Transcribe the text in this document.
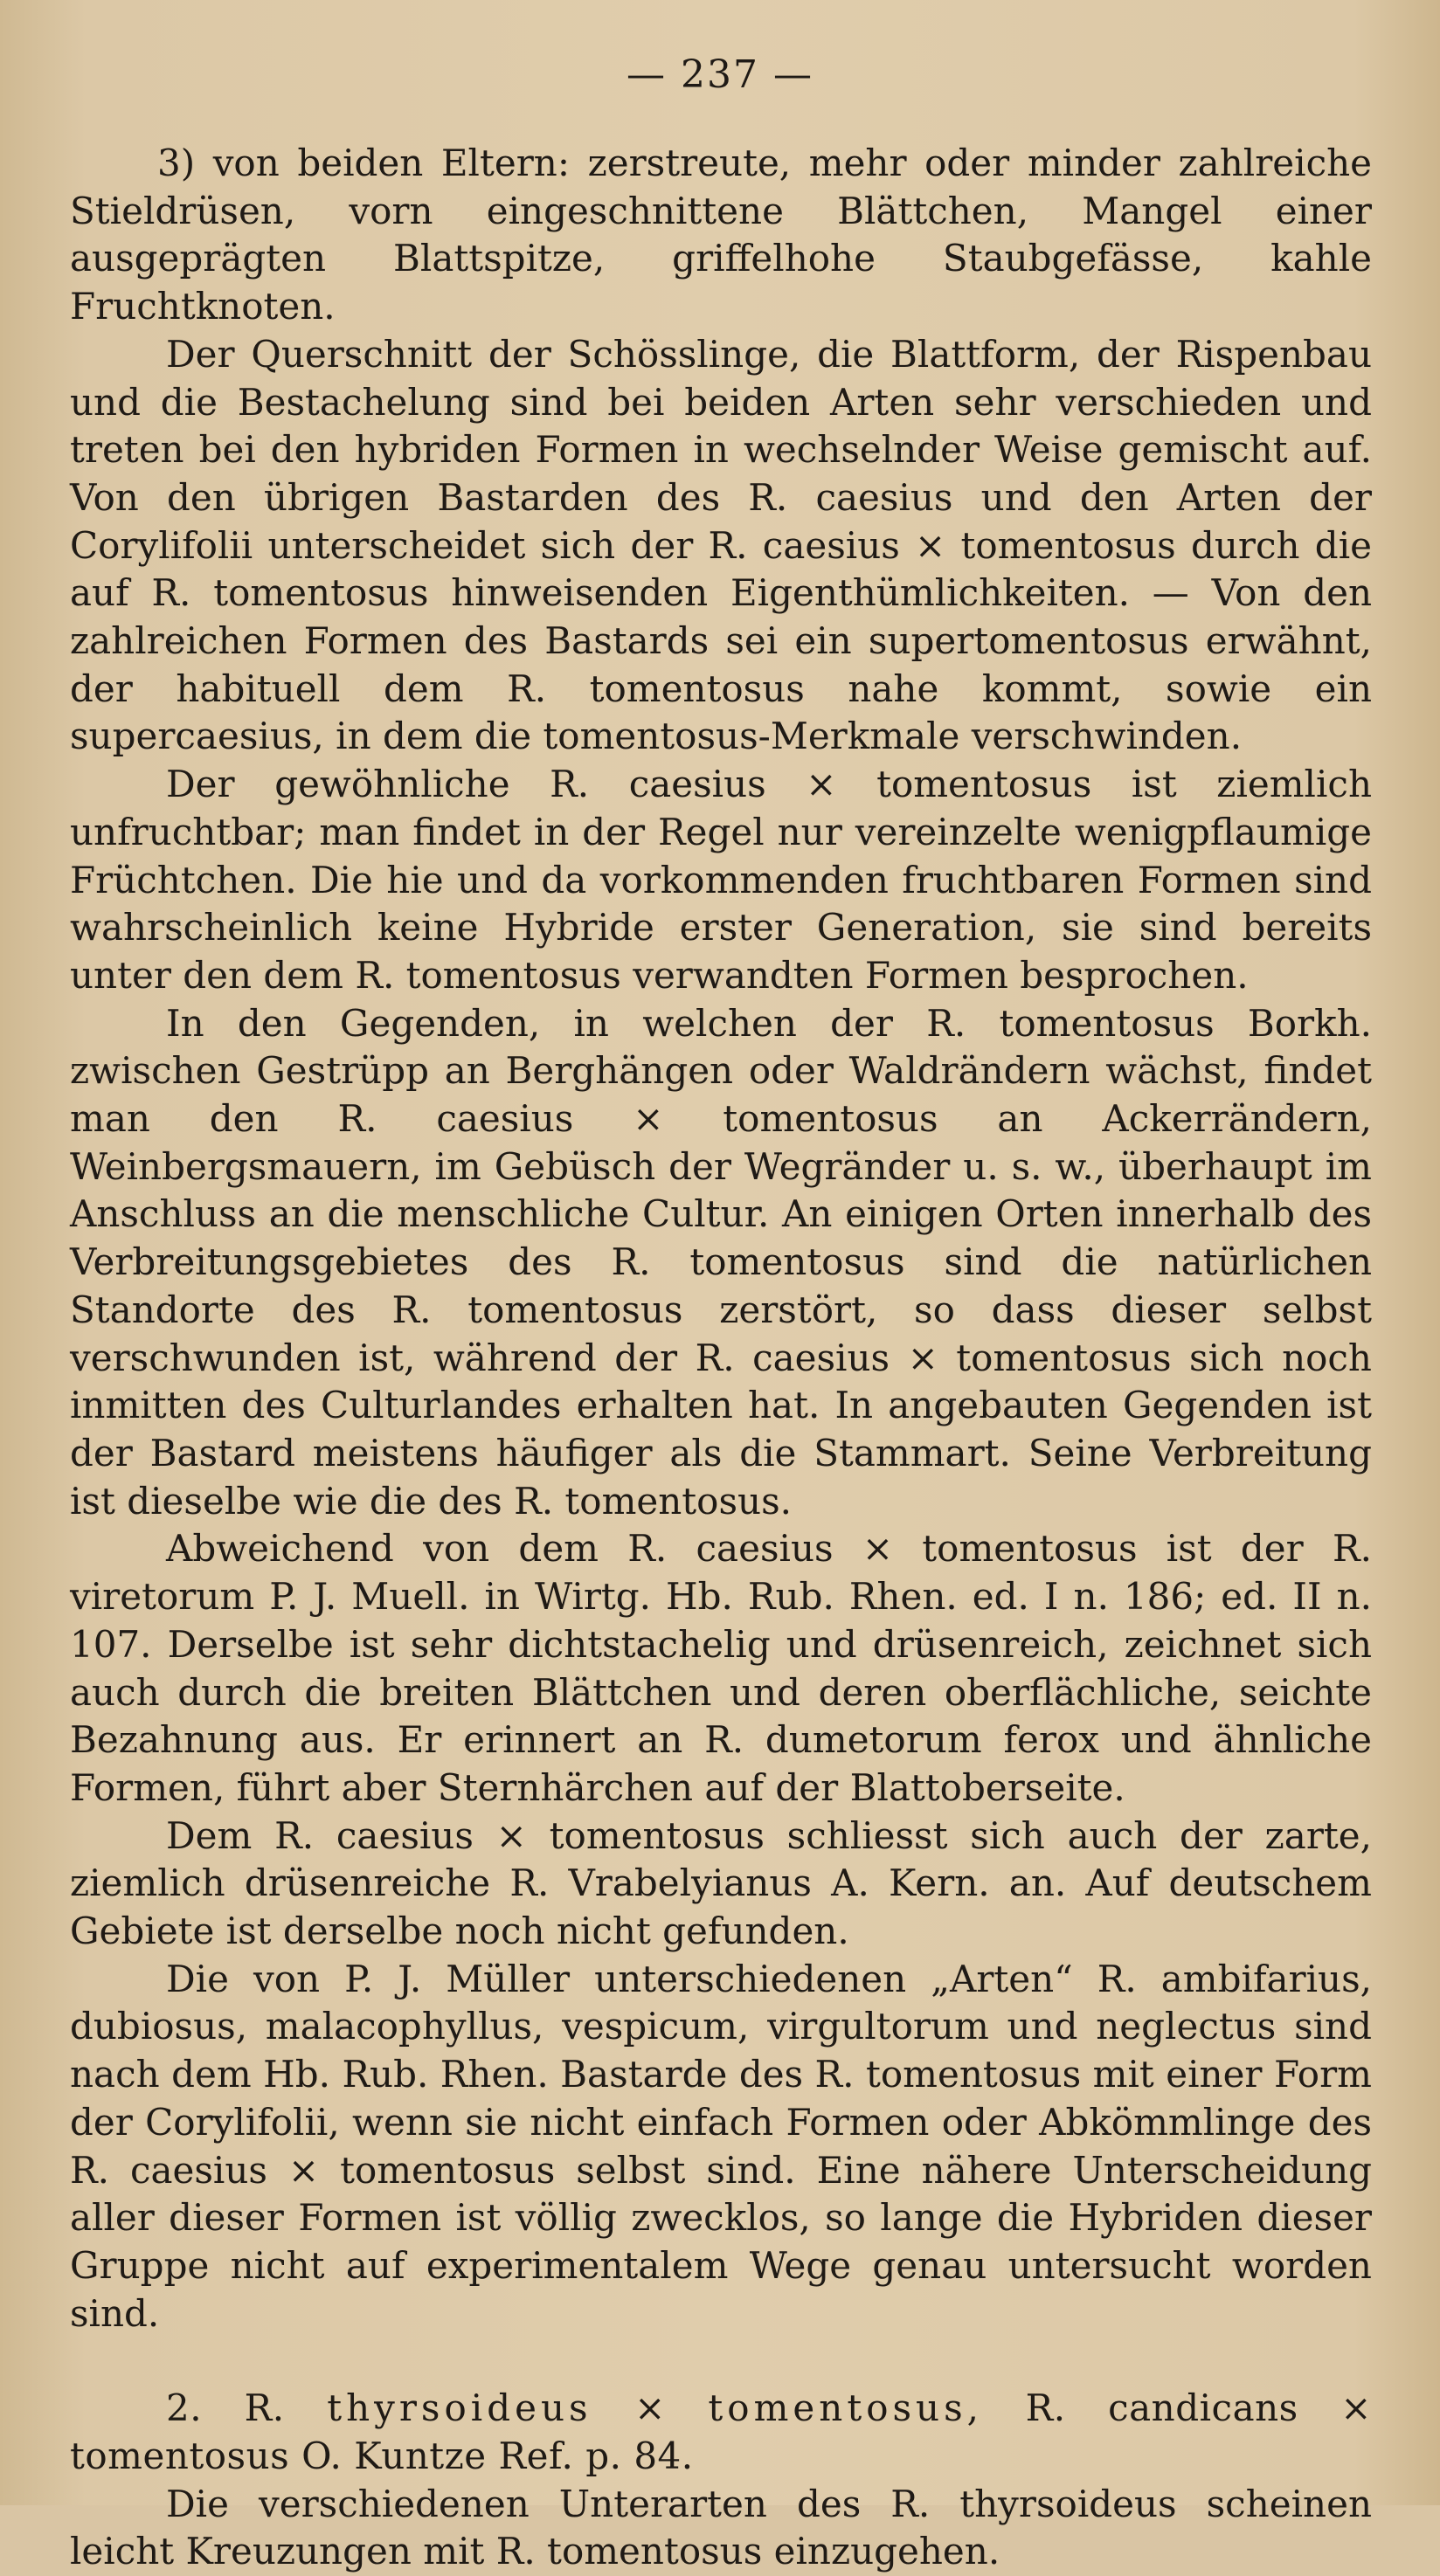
— 237 —

3) von beiden Eltern: zerstreute, mehr oder minder zahlreiche Stieldrüsen, vorn eingeschnittene Blättchen, Mangel einer ausgeprägten Blattspitze, griffelhohe Staubgefässe, kahle Fruchtknoten.

Der Querschnitt der Schösslinge, die Blattform, der Rispenbau und die Bestachelung sind bei beiden Arten sehr verschieden und treten bei den hybriden Formen in wechselnder Weise gemischt auf. Von den übrigen Bastarden des R. caesius und den Arten der Corylifolii unterscheidet sich der R. caesius × tomentosus durch die auf R. tomentosus hinweisenden Eigenthümlichkeiten. — Von den zahlreichen Formen des Bastards sei ein supertomentosus erwähnt, der habituell dem R. tomentosus nahe kommt, sowie ein supercaesius, in dem die tomentosus-Merkmale verschwinden.

Der gewöhnliche R. caesius × tomentosus ist ziemlich unfruchtbar; man findet in der Regel nur vereinzelte wenigpflaumige Früchtchen. Die hie und da vorkommenden fruchtbaren Formen sind wahrscheinlich keine Hybride erster Generation, sie sind bereits unter den dem R. tomentosus verwandten Formen besprochen.

In den Gegenden, in welchen der R. tomentosus Borkh. zwischen Gestrüpp an Berghängen oder Waldrändern wächst, findet man den R. caesius × tomentosus an Ackerrändern, Weinbergsmauern, im Gebüsch der Wegränder u. s. w., überhaupt im Anschluss an die menschliche Cultur. An einigen Orten innerhalb des Verbreitungsgebietes des R. tomentosus sind die natürlichen Standorte des R. tomentosus zerstört, so dass dieser selbst verschwunden ist, während der R. caesius × tomentosus sich noch inmitten des Culturlandes erhalten hat. In angebauten Gegenden ist der Bastard meistens häufiger als die Stammart. Seine Verbreitung ist dieselbe wie die des R. tomentosus.

Abweichend von dem R. caesius × tomentosus ist der R. viretorum P. J. Muell. in Wirtg. Hb. Rub. Rhen. ed. I n. 186; ed. II n. 107. Derselbe ist sehr dichtstachelig und drüsenreich, zeichnet sich auch durch die breiten Blättchen und deren oberflächliche, seichte Bezahnung aus. Er erinnert an R. dumetorum ferox und ähnliche Formen, führt aber Sternhärchen auf der Blattoberseite.

Dem R. caesius × tomentosus schliesst sich auch der zarte, ziemlich drüsenreiche R. Vrabelyianus A. Kern. an. Auf deutschem Gebiete ist derselbe noch nicht gefunden.

Die von P. J. Müller unterschiedenen „Arten“ R. ambifarius, dubiosus, malacophyllus, vespicum, virgultorum und neglectus sind nach dem Hb. Rub. Rhen. Bastarde des R. tomentosus mit einer Form der Corylifolii, wenn sie nicht einfach Formen oder Abkömmlinge des R. caesius × tomentosus selbst sind. Eine nähere Unterscheidung aller dieser Formen ist völlig zwecklos, so lange die Hybriden dieser Gruppe nicht auf experimentalem Wege genau untersucht worden sind.

2. R. thyrsoideus × tomentosus, R. candicans × tomentosus O. Kuntze Ref. p. 84.

Die verschiedenen Unterarten des R. thyrsoideus scheinen leicht Kreuzungen mit R. tomentosus einzugehen.
